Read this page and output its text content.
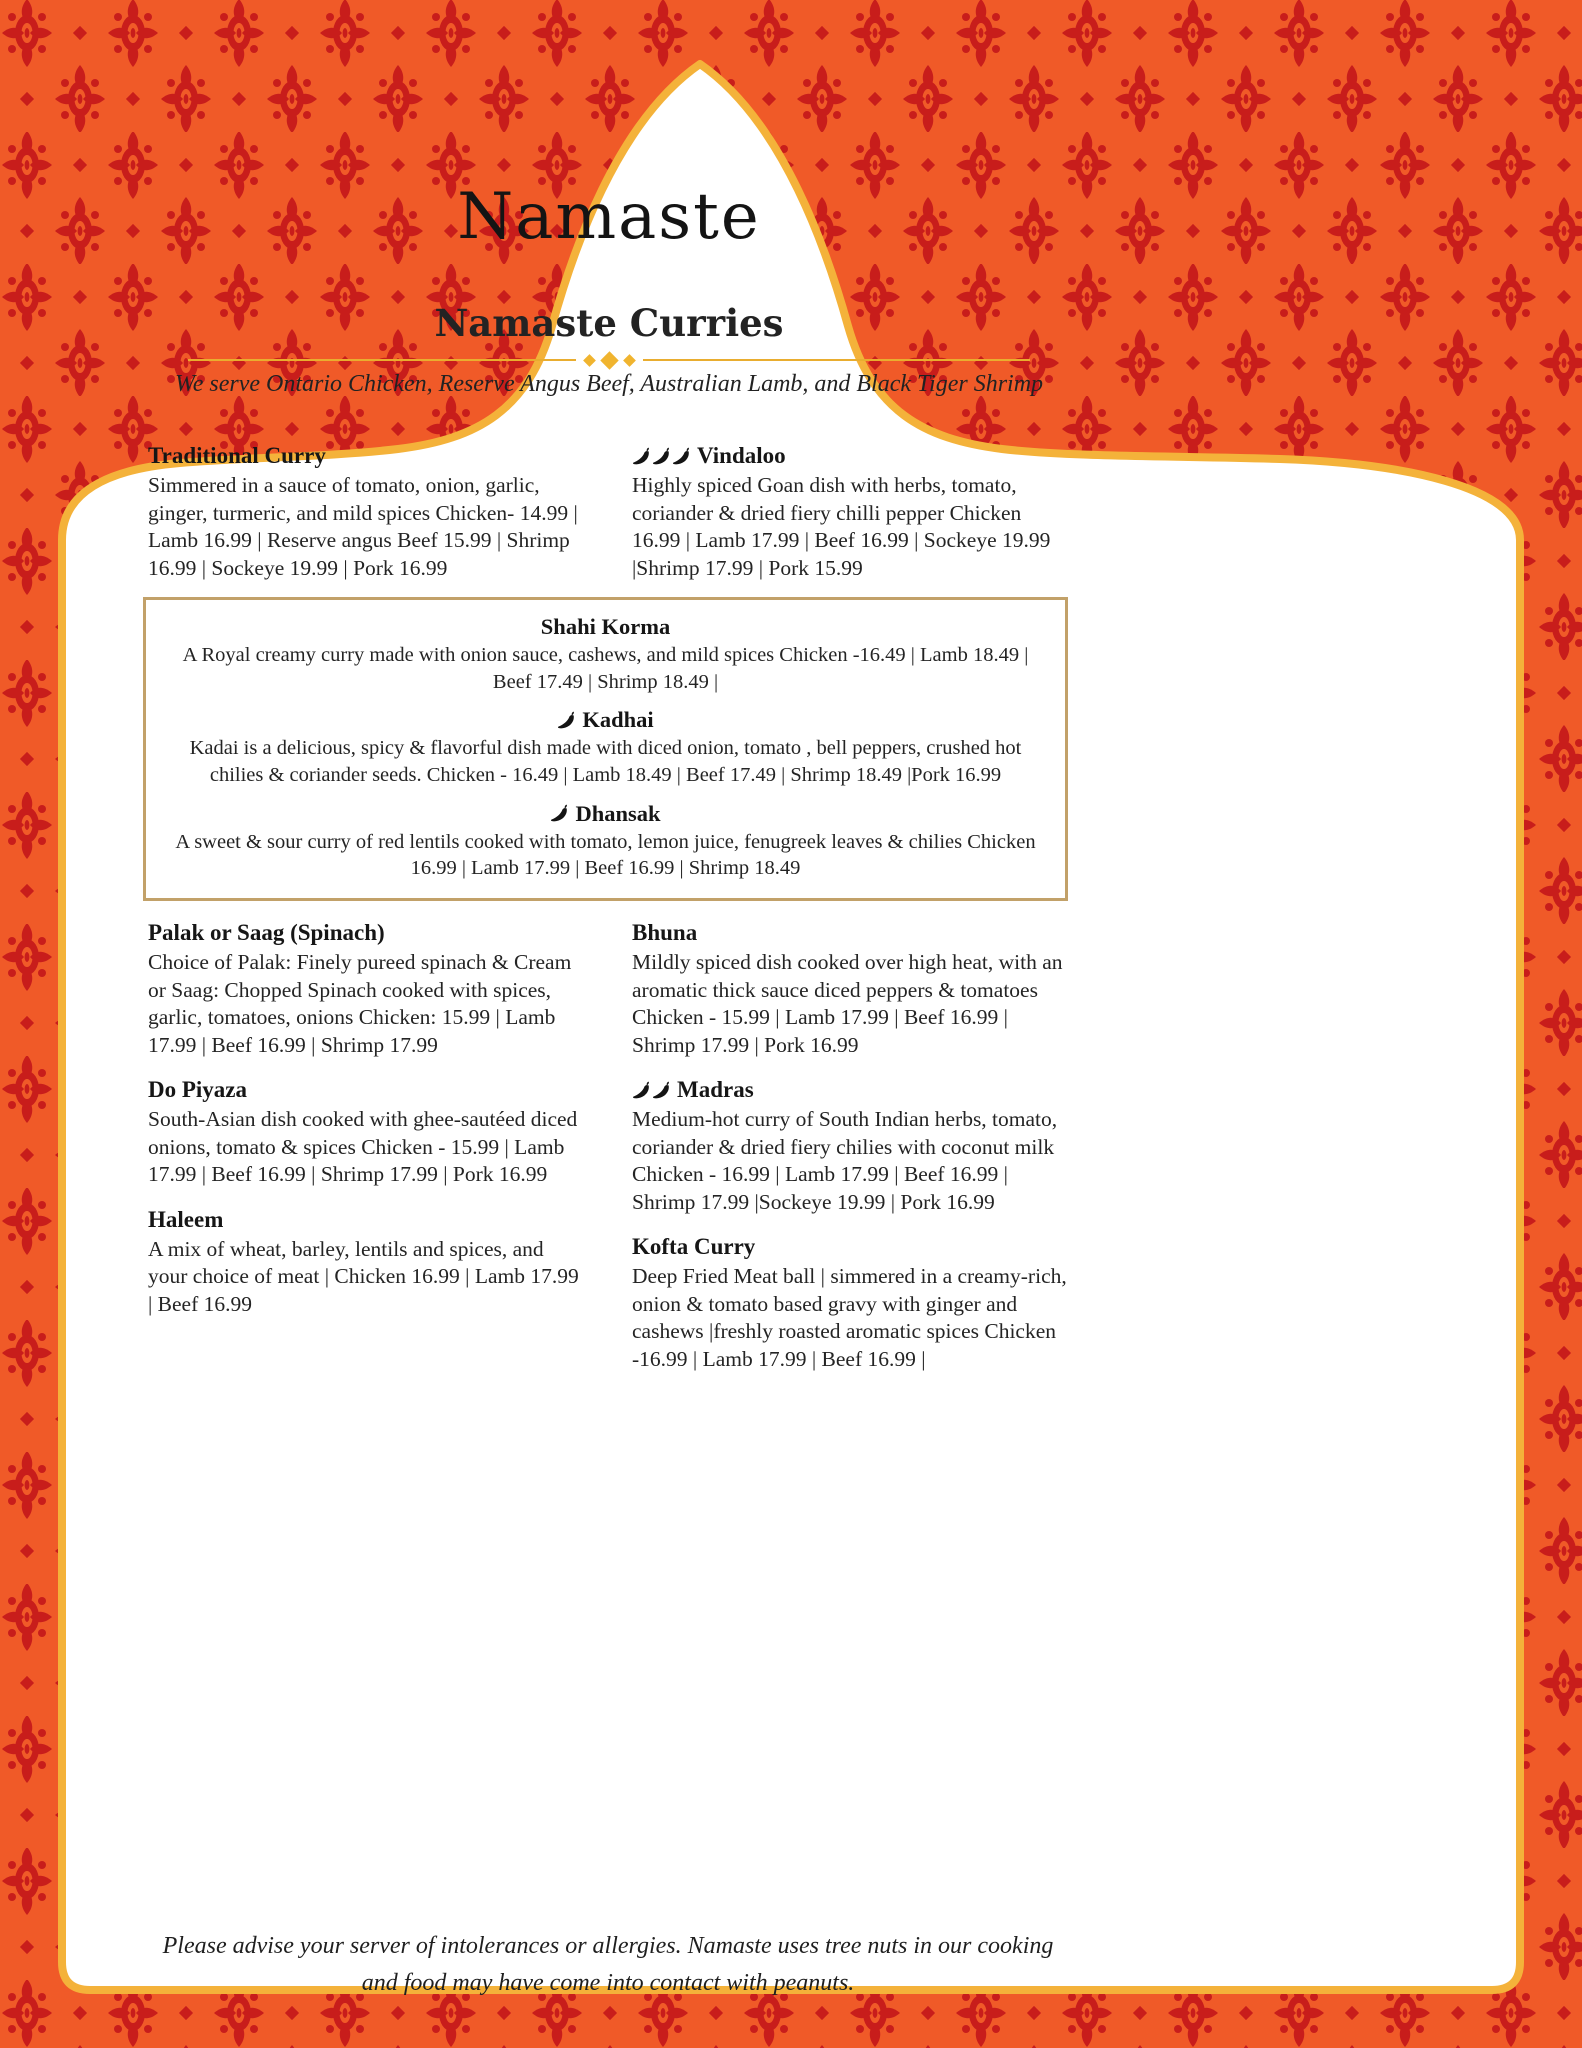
Namaste
Namaste Curries

We serve Ontario Chicken, Reserve Angus Beef, Australian Lamb, and Black Tiger Shrimp

Traditional Curry

Simmered in a sauce of tomato, onion, garlic, ginger, turmeric, and mild spices Chicken- 14.99 | Lamb 16.99 | Reserve angus Beef 15.99 | Shrimp 16.99 | Sockeye 19.99 | Pork 16.99

Vindaloo

Highly spiced Goan dish with herbs, tomato, coriander & dried fiery chilli pepper Chicken 16.99 | Lamb 17.99 | Beef 16.99 | Sockeye 19.99 |Shrimp 17.99 | Pork 15.99

Shahi Korma

A Royal creamy curry made with onion sauce, cashews, and mild spices Chicken -16.49 | Lamb 18.49 | Beef 17.49 | Shrimp 18.49 |

Kadhai

Kadai is a delicious, spicy & flavorful dish made with diced onion, tomato , bell peppers, crushed hot chilies & coriander seeds. Chicken - 16.49 | Lamb 18.49 | Beef 17.49 | Shrimp 18.49 |Pork 16.99

Dhansak

A sweet & sour curry of red lentils cooked with tomato, lemon juice, fenugreek leaves & chilies Chicken 16.99 | Lamb 17.99 | Beef 16.99 | Shrimp 18.49

Palak or Saag (Spinach)

Choice of Palak: Finely pureed spinach & Cream or Saag: Chopped Spinach cooked with spices, garlic, tomatoes, onions Chicken: 15.99 | Lamb 17.99 | Beef 16.99 | Shrimp 17.99

Do Piyaza

South-Asian dish cooked with ghee-sautéed diced onions, tomato & spices Chicken - 15.99 | Lamb 17.99 | Beef 16.99 | Shrimp 17.99 | Pork 16.99

Haleem

A mix of wheat, barley, lentils and spices, and your choice of meat | Chicken 16.99 | Lamb 17.99 | Beef 16.99

Bhuna

Mildly spiced dish cooked over high heat, with an aromatic thick sauce diced peppers & tomatoes Chicken - 15.99 | Lamb 17.99 | Beef 16.99 | Shrimp 17.99 | Pork 16.99

Madras

Medium-hot curry of South Indian herbs, tomato, coriander & dried fiery chilies with coconut milk Chicken - 16.99 | Lamb 17.99 | Beef 16.99 | Shrimp 17.99 |Sockeye 19.99 | Pork 16.99

Kofta Curry

Deep Fried Meat ball | simmered in a creamy-rich, onion & tomato based gravy with ginger and cashews |freshly roasted aromatic spices Chicken -16.99 | Lamb 17.99 | Beef 16.99 |

Please advise your server of intolerances or allergies. Namaste uses tree nuts in our cooking and food may have come into contact with peanuts.
